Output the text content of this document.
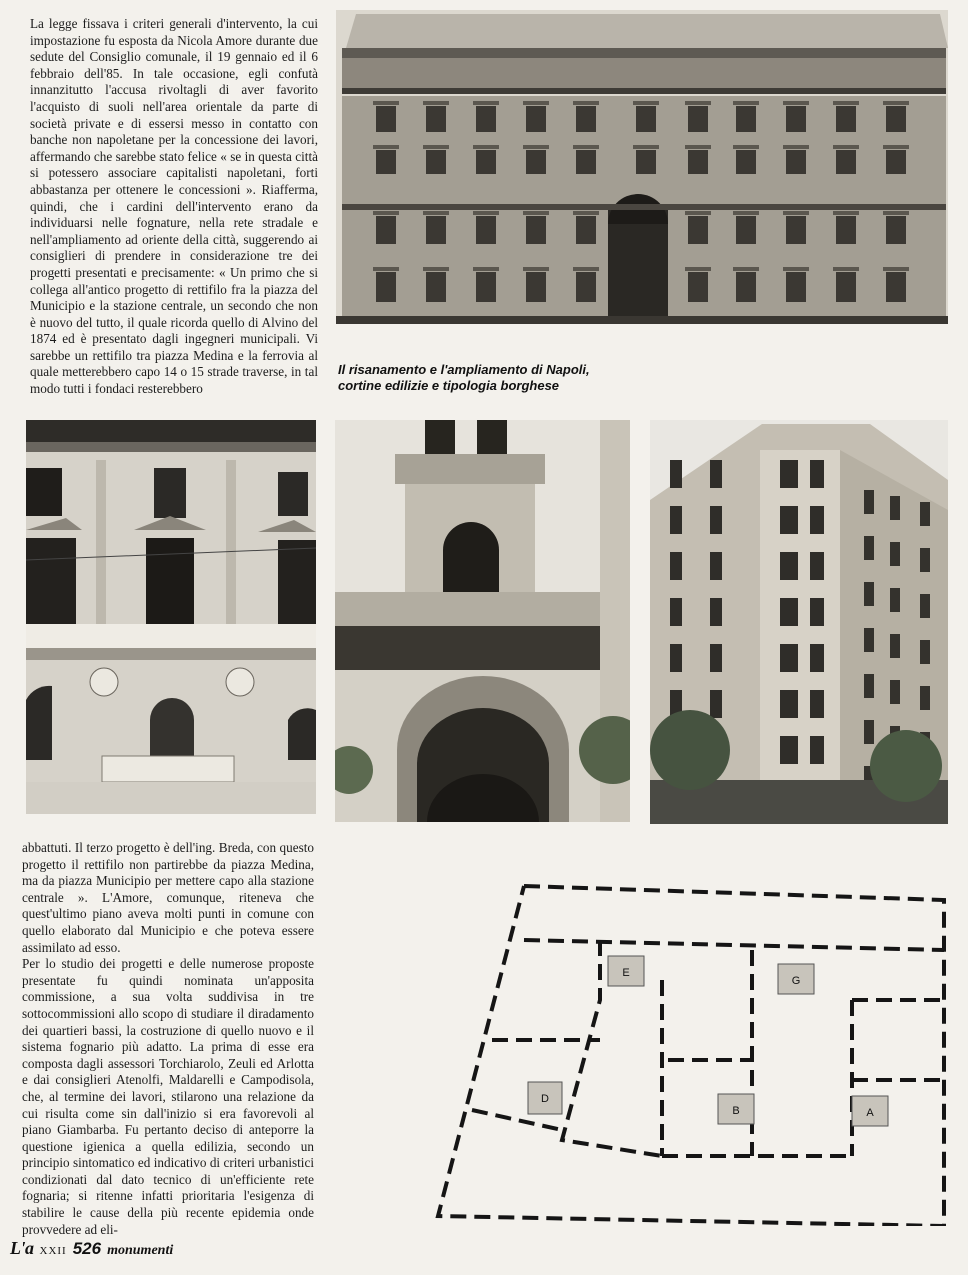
La legge fissava i criteri generali d'intervento, la cui impostazione fu esposta da Nicola Amore durante due sedute del Consiglio comunale, il 19 gennaio ed il 6 febbraio dell'85. In tale occasione, egli confutà innanzitutto l'accusa rivoltagli di aver favorito l'acquisto di suoli nell'area orientale da parte di società private e di essersi messo in contatto con banche non napoletane per la concessione dei lavori, affermando che sarebbe stato felice « se in questa città si potessero associare capitalisti napoletani, forti abbastanza per ottenere le concessioni ». Riafferma, quindi, che i cardini dell'intervento erano da individuarsi nelle fognature, nella rete stradale e nell'ampliamento ad oriente della città, suggerendo ai consiglieri di prendere in considerazione tre dei progetti presentati e precisamente: « Un primo che si collega all'antico progetto di rettifilo fra la piazza del Municipio e la stazione centrale, un secondo che non è nuovo del tutto, il quale ricorda quello di Alvino del 1874 ed è presentato dagli ingegneri municipali. Vi sarebbe un rettifilo tra piazza Medina e la ferrovia al quale metterebbero capo 14 o 15 strade traverse, in tal modo tutti i fondaci resterebbero

Il risanamento e l'ampliamento di Napoli,
cortine edilizie e tipologia borghese

abbattuti. Il terzo progetto è dell'ing. Breda, con questo progetto il rettifilo non partirebbe da piazza Medina, ma da piazza Municipio per mettere capo alla stazione centrale ». L'Amore, comunque, riteneva che quest'ultimo piano aveva molti punti in comune con quello elaborato dal Municipio e che poteva essere assimilato ad esso.

Per lo studio dei progetti e delle numerose proposte presentate fu quindi nominata un'apposita commissione, a sua volta suddivisa in tre sottocommissioni allo scopo di studiare il diradamento dei quartieri bassi, la costruzione di quello nuovo e il sistema fognario più adatto. La prima di esse era composta dagli assessori Torchiarolo, Zeuli ed Arlotta e dai consiglieri Atenolfi, Maldarelli e Campodisola, che, al termine dei lavori, stilarono una relazione da cui risulta come sin dall'inizio si era favorevoli al piano Giambarba. Fu pertanto deciso di anteporre la questione igienica a quella edilizia, secondo un principio sintomatico ed indicativo di criteri urbanistici condizionati dal dato tecnico di un'efficiente rete fognaria; si ritenne infatti prioritaria l'esigenza di stabilire le cause della più recente epidemia onde provvedere ad eli-

E
G
D
B	A
L'a XXII 526 monumenti
